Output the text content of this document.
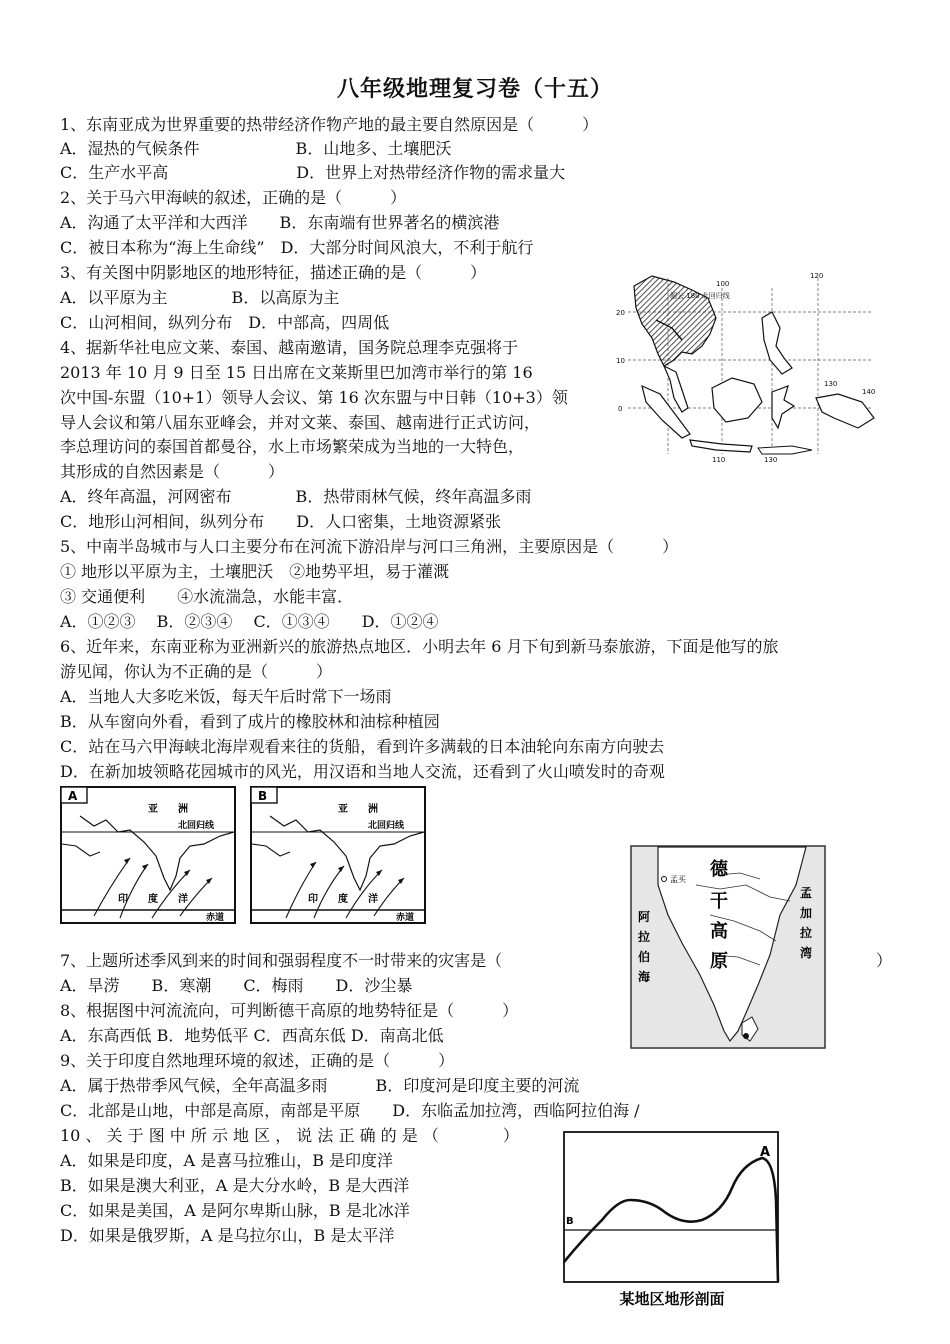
八年级地理复习卷（十五）
1、东南亚成为世界重要的热带经济作物产地的最主要自然原因是（　　　）
A．湿热的气候条件　　　　　　B．山地多、土壤肥沃
C．生产水平高　　　　　　　　D．世界上对热带经济作物的需求量大
2、关于马六甲海峡的叙述，正确的是（　　　）
A．沟通了太平洋和大西洋　　B．东南端有世界著名的横滨港
C．被日本称为“海上生命线”　D．大部分时间风浪大，不利于航行
3、有关图中阴影地区的地形特征，描述正确的是（　　　）
A．以平原为主　　　　B．以高原为主
C．山河相间，纵列分布　D．中部高，四周低
4、据新华社电应文莱、泰国、越南邀请，国务院总理李克强将于
2013 年 10 月 9 日至 15 日出席在文莱斯里巴加湾市举行的第 16
次中国-东盟（10+1）领导人会议、第 16 次东盟与中日韩（10+3）领
导人会议和第八届东亚峰会，并对文莱、泰国、越南进行正式访问，
李总理访问的泰国首都曼谷，水上市场繁荣成为当地的一大特色，
其形成的自然因素是（　　　）
A．终年高温，河网密布　　　　B．热带雨林气候，终年高温多雨
C．地形山河相间，纵列分布　　D．人口密集，土地资源紧张
5、中南半岛城市与人口主要分布在河流下游沿岸与河口三角洲，主要原因是（　　　）
① 地形以平原为主，土壤肥沃　②地势平坦，易于灌溉
③ 交通便利　　④水流湍急，水能丰富．
A．①②③　 B．②③④　 C．①③④　　D．①②④
6、近年来，东南亚称为亚洲新兴的旅游热点地区．小明去年 6 月下旬到新马泰旅游，下面是他写的旅
游见闻，你认为不正确的是（　　　）
A．当地人大多吃米饭，每天午后时常下一场雨
B．从车窗向外看，看到了成片的橡胶林和油棕种植园
C．站在马六甲海峡北海岸观看来往的货船，看到许多满载的日本油轮向东南方向驶去
D．在新加坡领略花园城市的风光，用汉语和当地人交流，还看到了火山喷发时的奇观
7、上题所述季风到来的时间和强弱程度不一时带来的灾害是（	）
A．旱涝　　B．寒潮　　C．梅雨　　D．沙尘暴
8、根据图中河流流向，可判断德干高原的地势特征是（　　　）
A．东高西低 B．地势低平 C．西高东低 D．南高北低
9、关于印度自然地理环境的叙述，正确的是（　　　）
A．属于热带季风气候，全年高温多雨　　　B．印度河是印度主要的河流
C．北部是山地，中部是高原，南部是平原　　D．东临孟加拉湾，西临阿拉伯海 /
10 、 关 于 图 中 所 示 地 区 ， 说 法 正 确 的 是 （　　　　）
A．如果是印度，A 是喜马拉雅山，B 是印度洋
B．如果是澳大利亚，A 是大分水岭，B 是大西洋
C．如果是美国，A 是阿尔卑斯山脉，B 是北冰洋
D．如果是俄罗斯，A 是乌拉尔山，B 是太平洋
湄公 180 北回归线
100
120
130
140
110	130
20
10
0
A
亚　　洲
北回归线
印　　度　　洋
赤道
B
亚　　洲
北回归线
印　　度　　洋
赤道
孟买 德
干
高
原
阿
拉
伯
海
孟
加
拉
湾
A
B
某地区地形剖面
